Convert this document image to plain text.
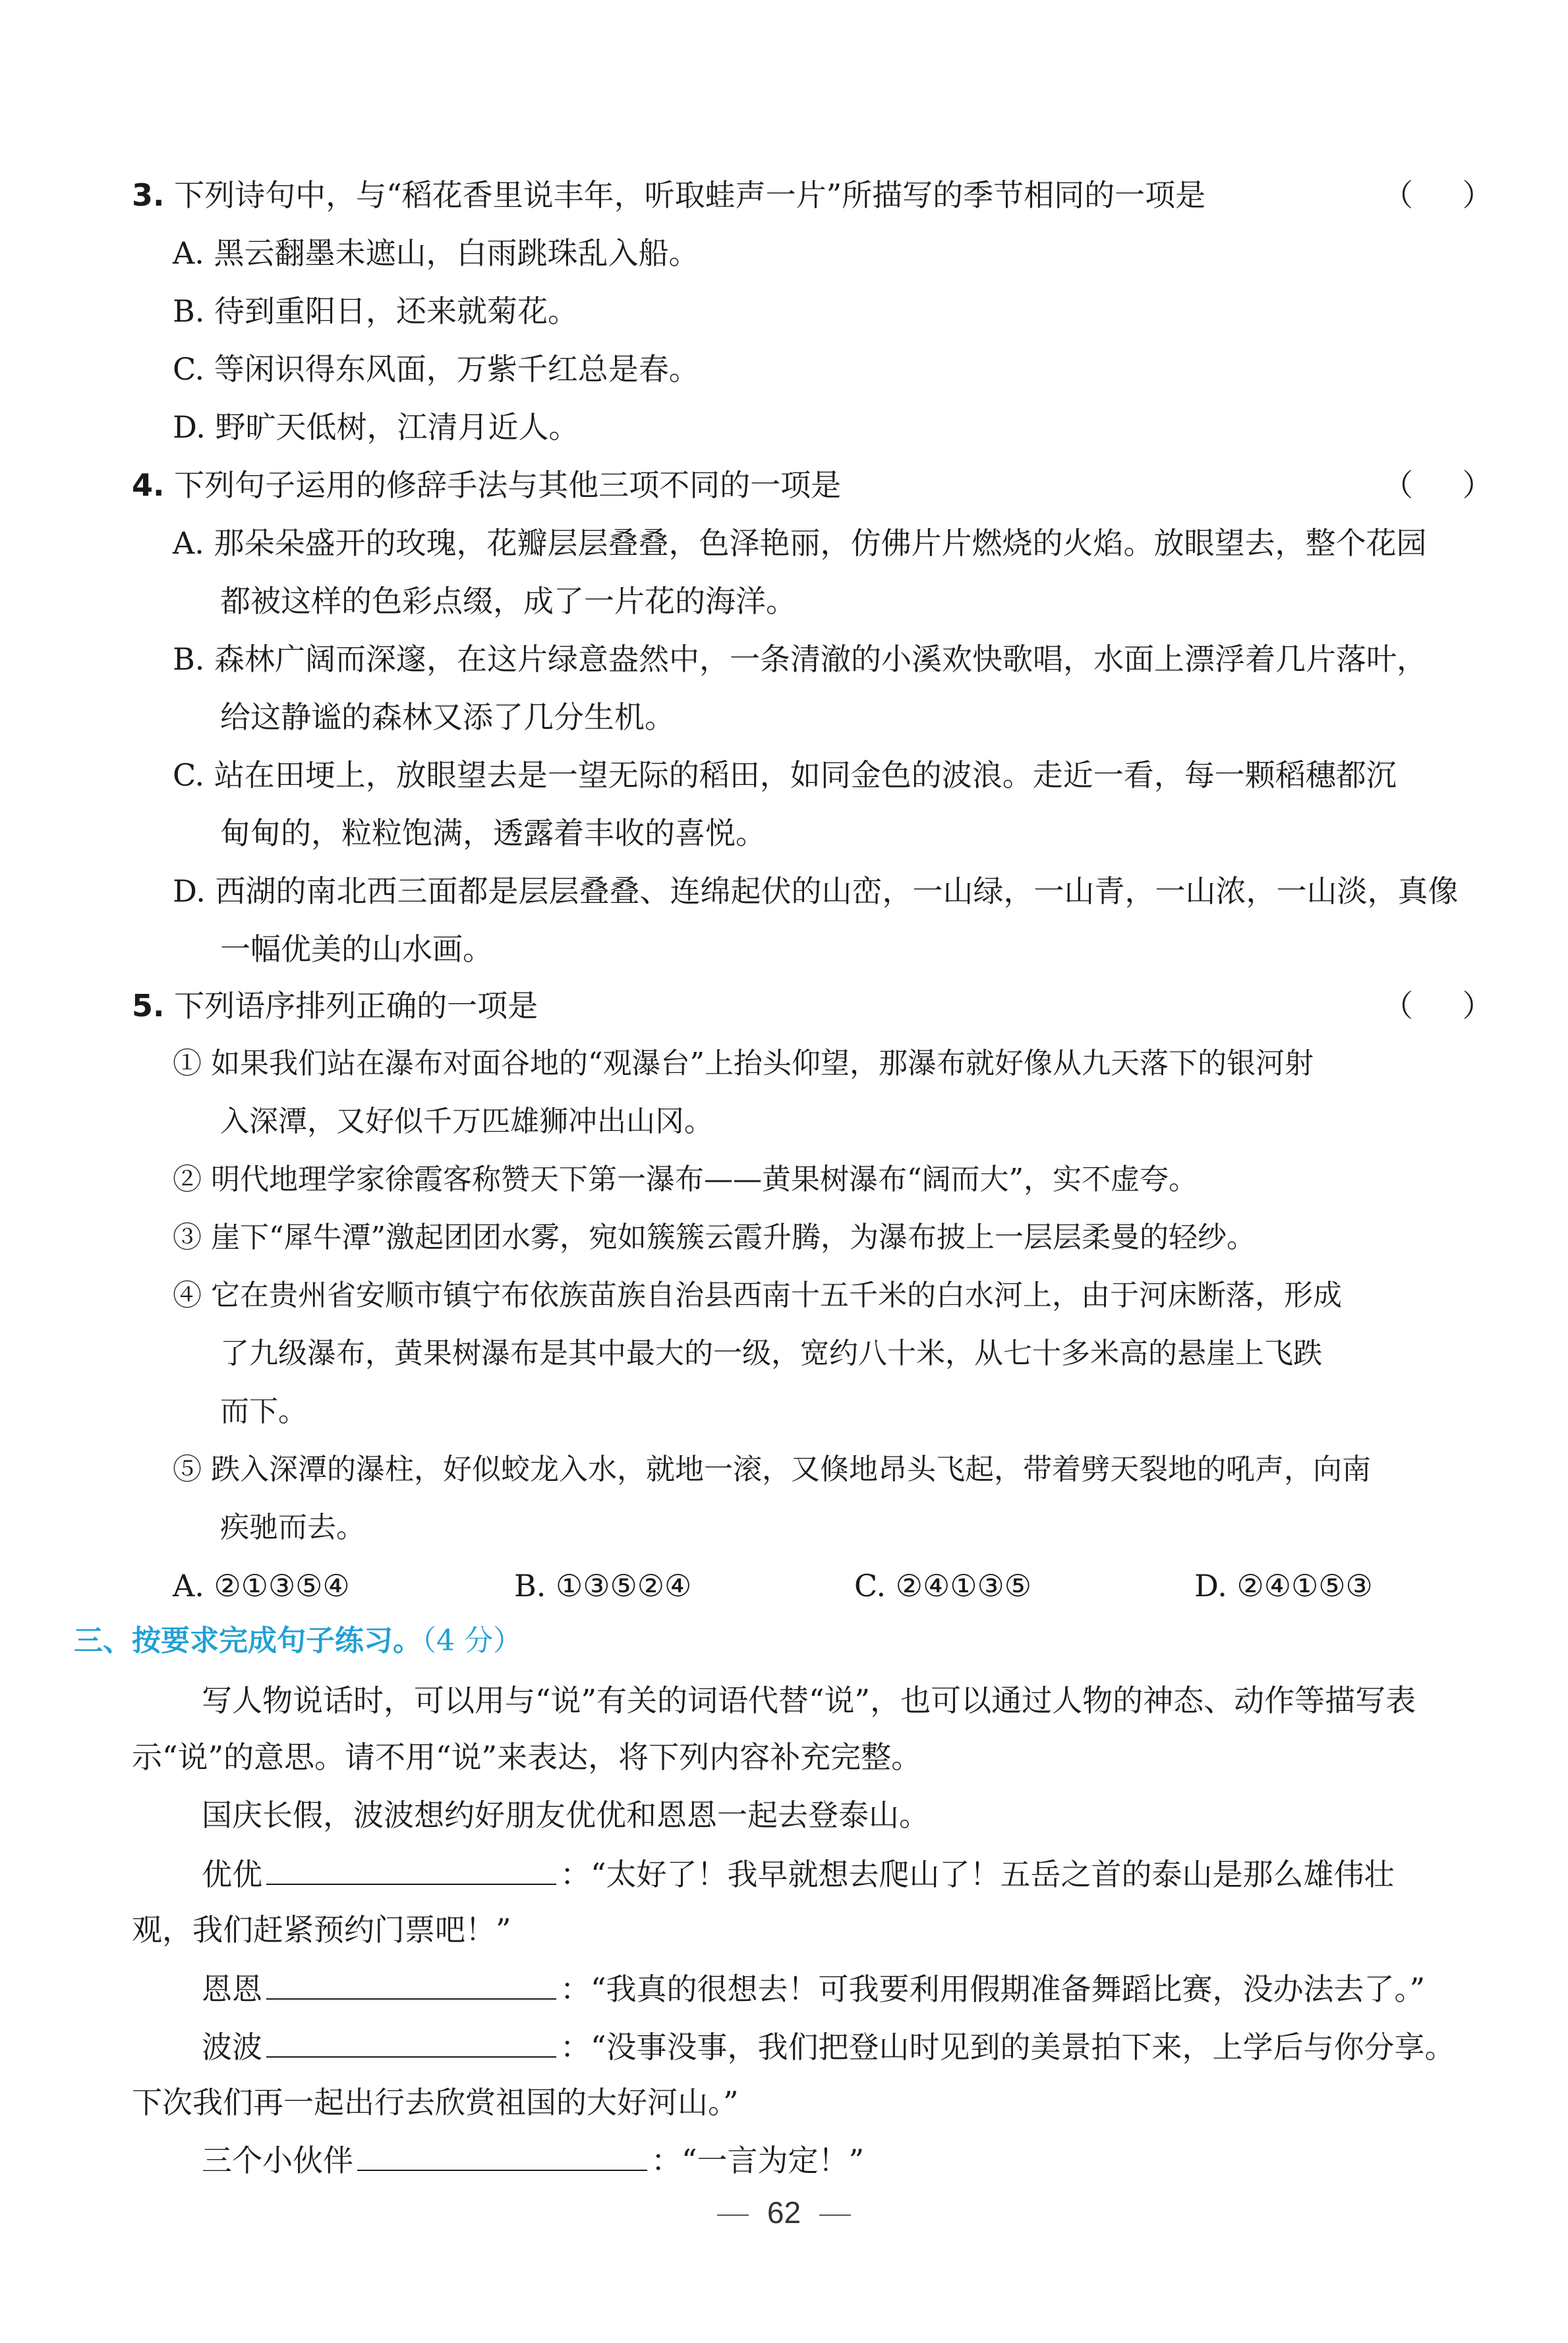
3. 下列诗句中，与“稻花香里说丰年，听取蛙声一片”所描写的季节相同的一项是	（ ）
A. 黑云翻墨未遮山，白雨跳珠乱入船。
B. 待到重阳日，还来就菊花。
C. 等闲识得东风面，万紫千红总是春。
D. 野旷天低树，江清月近人。
4. 下列句子运用的修辞手法与其他三项不同的一项是	（ ）
A. 那朵朵盛开的玫瑰，花瓣层层叠叠，色泽艳丽，仿佛片片燃烧的火焰。放眼望去，整个花园
都被这样的色彩点缀，成了一片花的海洋。
B. 森林广阔而深邃，在这片绿意盎然中，一条清澈的小溪欢快歌唱，水面上漂浮着几片落叶，
给这静谧的森林又添了几分生机。
C. 站在田埂上，放眼望去是一望无际的稻田，如同金色的波浪。走近一看，每一颗稻穗都沉
甸甸的，粒粒饱满，透露着丰收的喜悦。
D. 西湖的南北西三面都是层层叠叠、连绵起伏的山峦，一山绿，一山青，一山浓，一山淡，真像
一幅优美的山水画。
5. 下列语序排列正确的一项是	（ ）
① 如果我们站在瀑布对面谷地的“观瀑台”上抬头仰望，那瀑布就好像从九天落下的银河射
入深潭，又好似千万匹雄狮冲出山冈。
② 明代地理学家徐霞客称赞天下第一瀑布——黄果树瀑布“阔而大”，实不虚夸。
③ 崖下“犀牛潭”激起团团水雾，宛如簇簇云霞升腾，为瀑布披上一层层柔曼的轻纱。
④ 它在贵州省安顺市镇宁布依族苗族自治县西南十五千米的白水河上，由于河床断落，形成
了九级瀑布，黄果树瀑布是其中最大的一级，宽约八十米，从七十多米高的悬崖上飞跌
而下。
⑤ 跌入深潭的瀑柱，好似蛟龙入水，就地一滚，又倏地昂头飞起，带着劈天裂地的吼声，向南
疾驰而去。
A. ②①③⑤④	B. ①③⑤②④	C. ②④①③⑤	D. ②④①⑤③
三、按要求完成句子练习。（4 分）
写人物说话时，可以用与“说”有关的词语代替“说”，也可以通过人物的神态、动作等描写表
示“说”的意思。请不用“说”来表达，将下列内容补充完整。
国庆长假，波波想约好朋友优优和恩恩一起去登泰山。
优优	：“太好了！我早就想去爬山了！五岳之首的泰山是那么雄伟壮
观，我们赶紧预约门票吧！”
恩恩	：“我真的很想去！可我要利用假期准备舞蹈比赛，没办法去了。”
波波	：“没事没事，我们把登山时见到的美景拍下来，上学后与你分享。
下次我们再一起出行去欣赏祖国的大好河山。”
三个小伙伴	：“一言为定！”
62
